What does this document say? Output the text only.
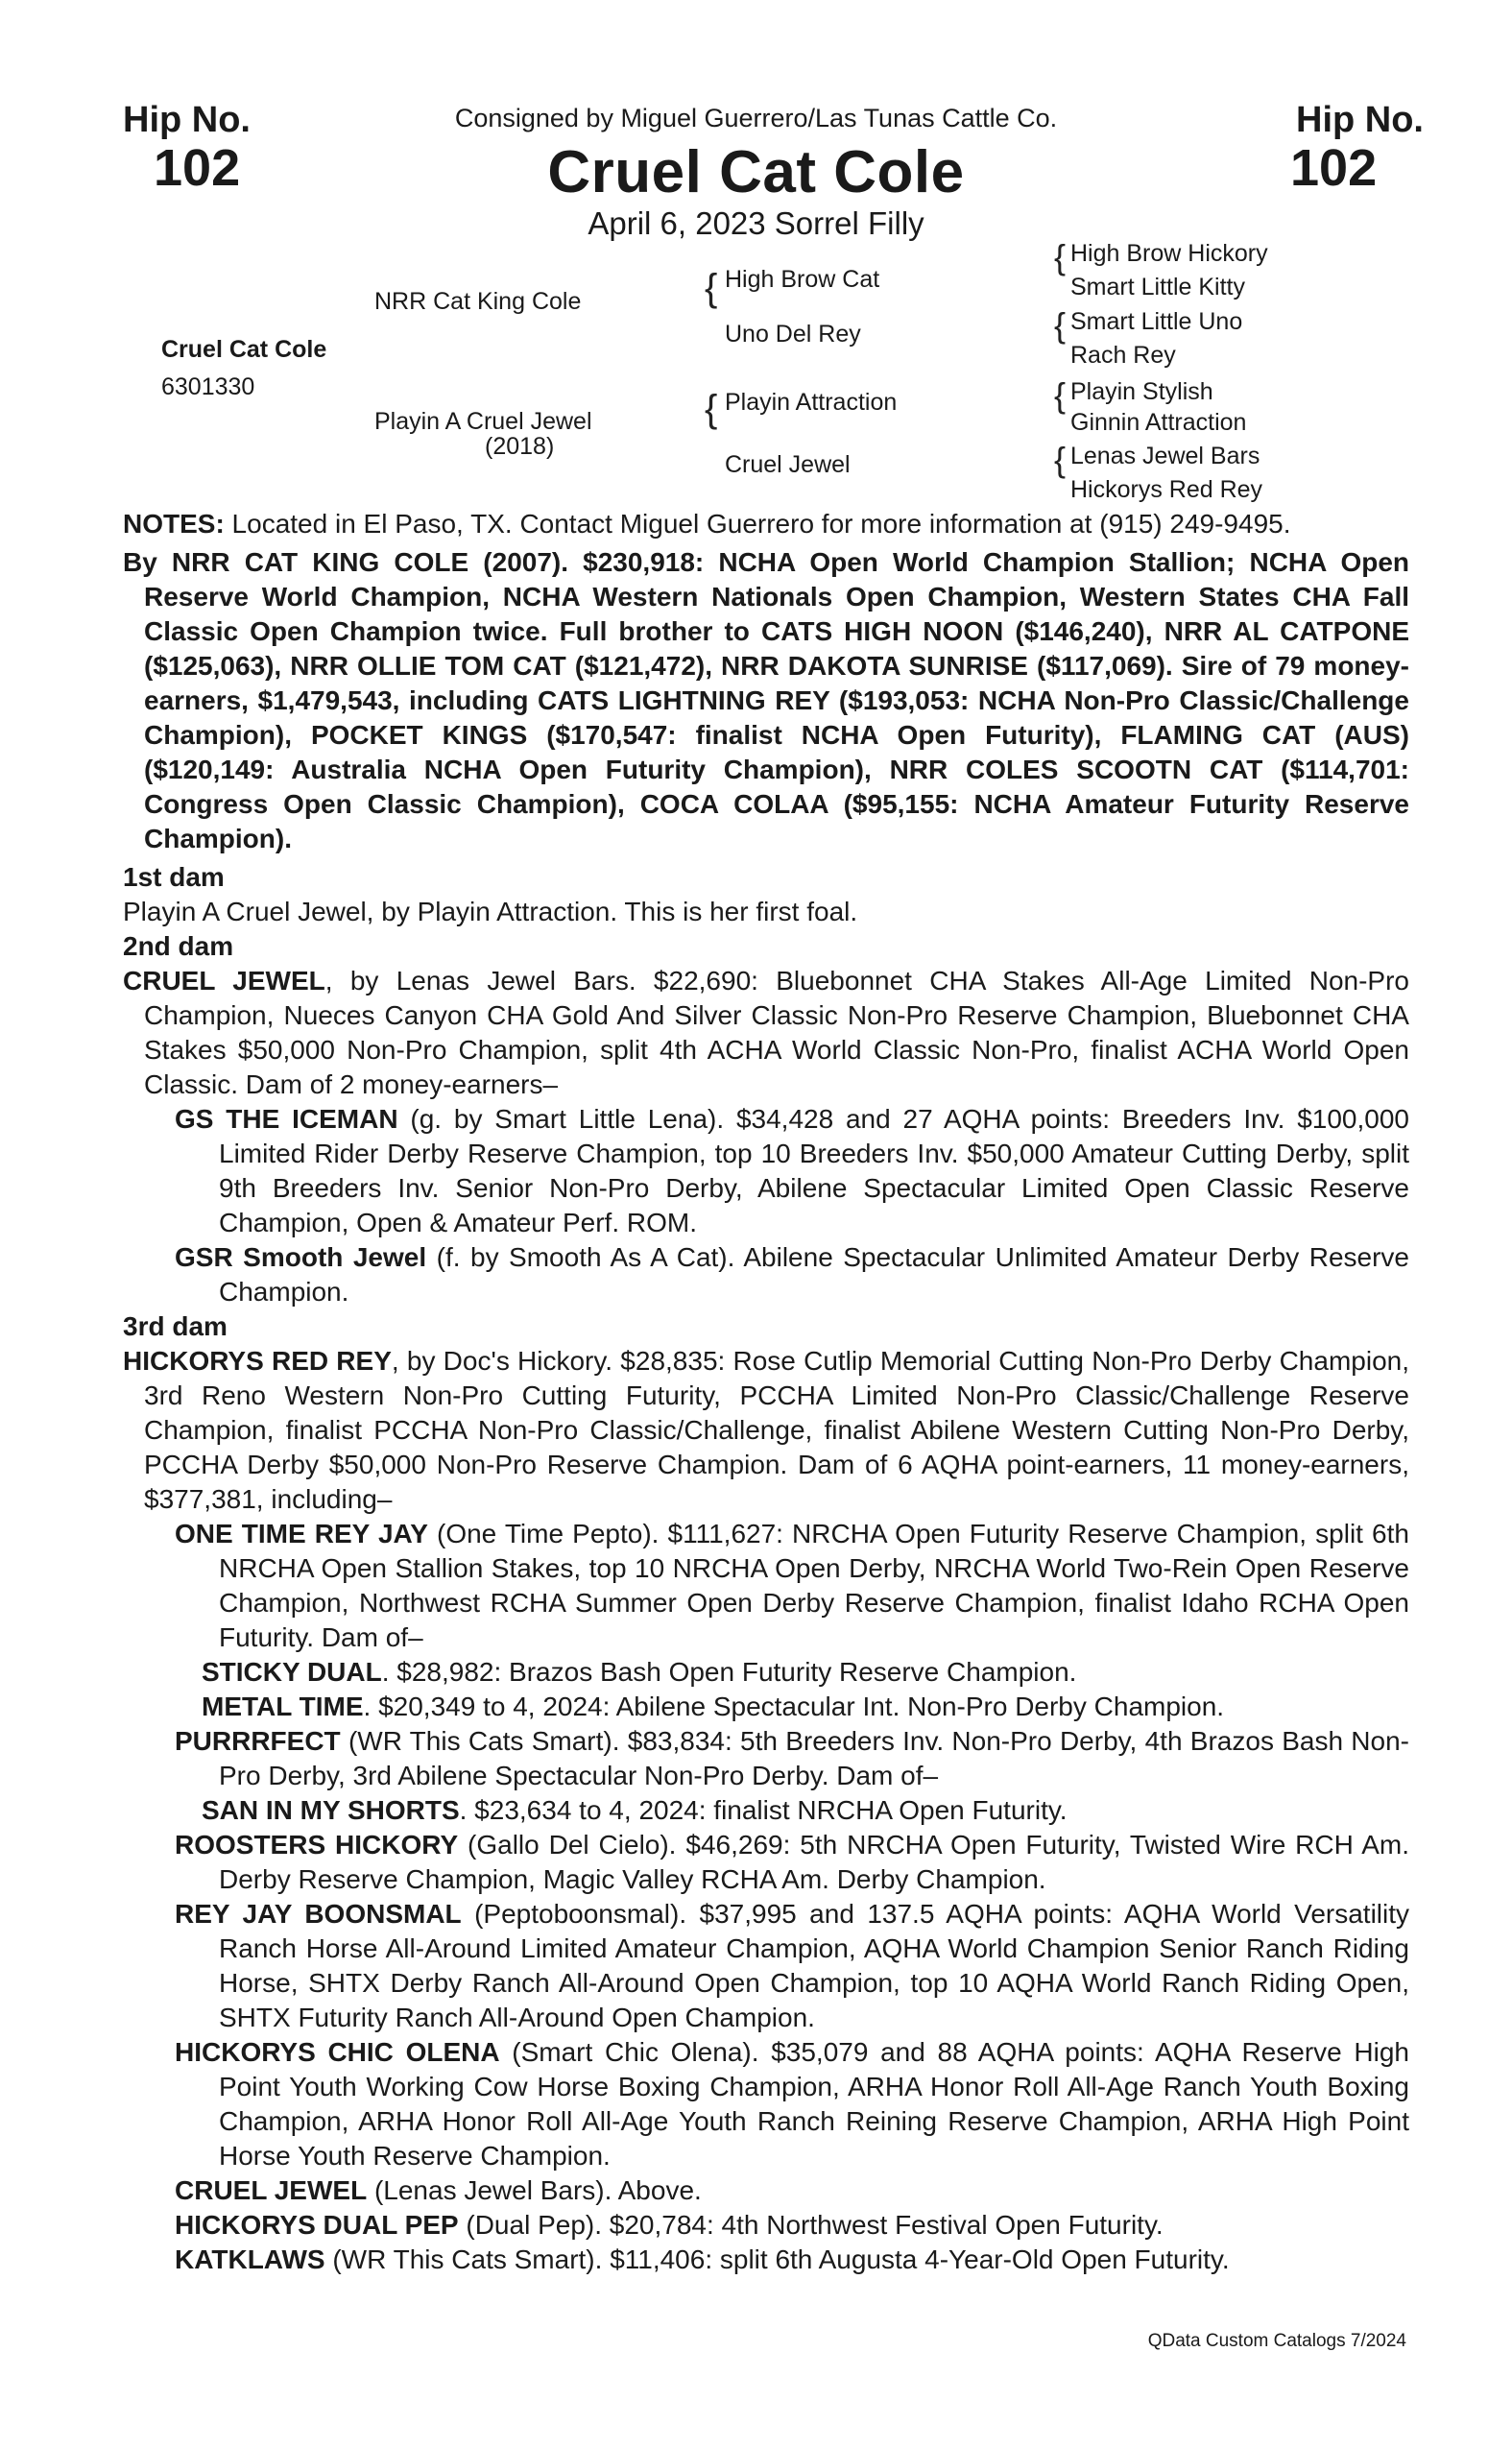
Hip No.
102
Hip No.
102
Consigned by Miguel Guerrero/Las Tunas Cattle Co.
Cruel Cat Cole
April 6, 2023 Sorrel Filly
Cruel Cat Cole
6301330
NRR Cat King Cole
Playin A Cruel Jewel
(2018)
{
{
High Brow Cat
Uno Del Rey
Playin Attraction
Cruel Jewel
{
{
{
{
High Brow Hickory
Smart Little Kitty
Smart Little Uno
Rach Rey
Playin Stylish
Ginnin Attraction
Lenas Jewel Bars
Hickorys Red Rey

NOTES: Located in El Paso, TX. Contact Miguel Guerrero for more information at (915) 249-9495.

By NRR CAT KING COLE (2007). $230,918: NCHA Open World Champion Stallion; NCHA Open Reserve World Champion, NCHA Western Nationals Open Champion, Western States CHA Fall Classic Open Champion twice. Full brother to CATS HIGH NOON ($146,240), NRR AL CATPONE ($125,063), NRR OLLIE TOM CAT ($121,472), NRR DAKOTA SUNRISE ($117,069). Sire of 79 money-earners, $1,479,543, including CATS LIGHTNING REY ($193,053: NCHA Non-Pro Classic/Challenge Champion), POCKET KINGS ($170,547: finalist NCHA Open Futurity), FLAMING CAT (AUS) ($120,149: Australia NCHA Open Futurity Champion), NRR COLES SCOOTN CAT ($114,701: Congress Open Classic Champion), COCA COLAA ($95,155: NCHA Amateur Futurity Reserve Champion).

1st dam

Playin A Cruel Jewel, by Playin Attraction. This is her first foal.

2nd dam

CRUEL JEWEL, by Lenas Jewel Bars. $22,690: Bluebonnet CHA Stakes All-Age Limited Non-Pro Champion, Nueces Canyon CHA Gold And Silver Classic Non-Pro Reserve Champion, Bluebonnet CHA Stakes $50,000 Non-Pro Champion, split 4th ACHA World Classic Non-Pro, finalist ACHA World Open Classic. Dam of 2 money-earners–

GS THE ICEMAN (g. by Smart Little Lena). $34,428 and 27 AQHA points: Breeders Inv. $100,000 Limited Rider Derby Reserve Champion, top 10 Breeders Inv. $50,000 Amateur Cutting Derby, split 9th Breeders Inv. Senior Non-Pro Derby, Abilene Spectacular Limited Open Classic Reserve Champion, Open & Amateur Perf. ROM.

GSR Smooth Jewel (f. by Smooth As A Cat). Abilene Spectacular Unlimited Amateur Derby Reserve Champion.

3rd dam

HICKORYS RED REY, by Doc's Hickory. $28,835: Rose Cutlip Memorial Cutting Non-Pro Derby Champion, 3rd Reno Western Non-Pro Cutting Futurity, PCCHA Limited Non-Pro Classic/Challenge Reserve Champion, finalist PCCHA Non-Pro Classic/Challenge, finalist Abilene Western Cutting Non-Pro Derby, PCCHA Derby $50,000 Non-Pro Reserve Champion. Dam of 6 AQHA point-earners, 11 money-earners, $377,381, including–

ONE TIME REY JAY (One Time Pepto). $111,627: NRCHA Open Futurity Reserve Champion, split 6th NRCHA Open Stallion Stakes, top 10 NRCHA Open Derby, NRCHA World Two-Rein Open Reserve Champion, Northwest RCHA Summer Open Derby Reserve Champion, finalist Idaho RCHA Open Futurity. Dam of–

STICKY DUAL. $28,982: Brazos Bash Open Futurity Reserve Champion.

METAL TIME. $20,349 to 4, 2024: Abilene Spectacular Int. Non-Pro Derby Champion.

PURRRFECT (WR This Cats Smart). $83,834: 5th Breeders Inv. Non-Pro Derby, 4th Brazos Bash Non-Pro Derby, 3rd Abilene Spectacular Non-Pro Derby. Dam of–

SAN IN MY SHORTS. $23,634 to 4, 2024: finalist NRCHA Open Futurity.

ROOSTERS HICKORY (Gallo Del Cielo). $46,269: 5th NRCHA Open Futurity, Twisted Wire RCH Am. Derby Reserve Champion, Magic Valley RCHA Am. Derby Champion.

REY JAY BOONSMAL (Peptoboonsmal). $37,995 and 137.5 AQHA points: AQHA World Versatility Ranch Horse All-Around Limited Amateur Champion, AQHA World Champion Senior Ranch Riding Horse, SHTX Derby Ranch All-Around Open Champion, top 10 AQHA World Ranch Riding Open, SHTX Futurity Ranch All-Around Open Champion.

HICKORYS CHIC OLENA (Smart Chic Olena). $35,079 and 88 AQHA points: AQHA Reserve High Point Youth Working Cow Horse Boxing Champion, ARHA Honor Roll All-Age Ranch Youth Boxing Champion, ARHA Honor Roll All-Age Youth Ranch Reining Reserve Champion, ARHA High Point Horse Youth Reserve Champion.

CRUEL JEWEL (Lenas Jewel Bars). Above.

HICKORYS DUAL PEP (Dual Pep). $20,784: 4th Northwest Festival Open Futurity.

KATKLAWS (WR This Cats Smart). $11,406: split 6th Augusta 4-Year-Old Open Futurity.

QData Custom Catalogs 7/2024
